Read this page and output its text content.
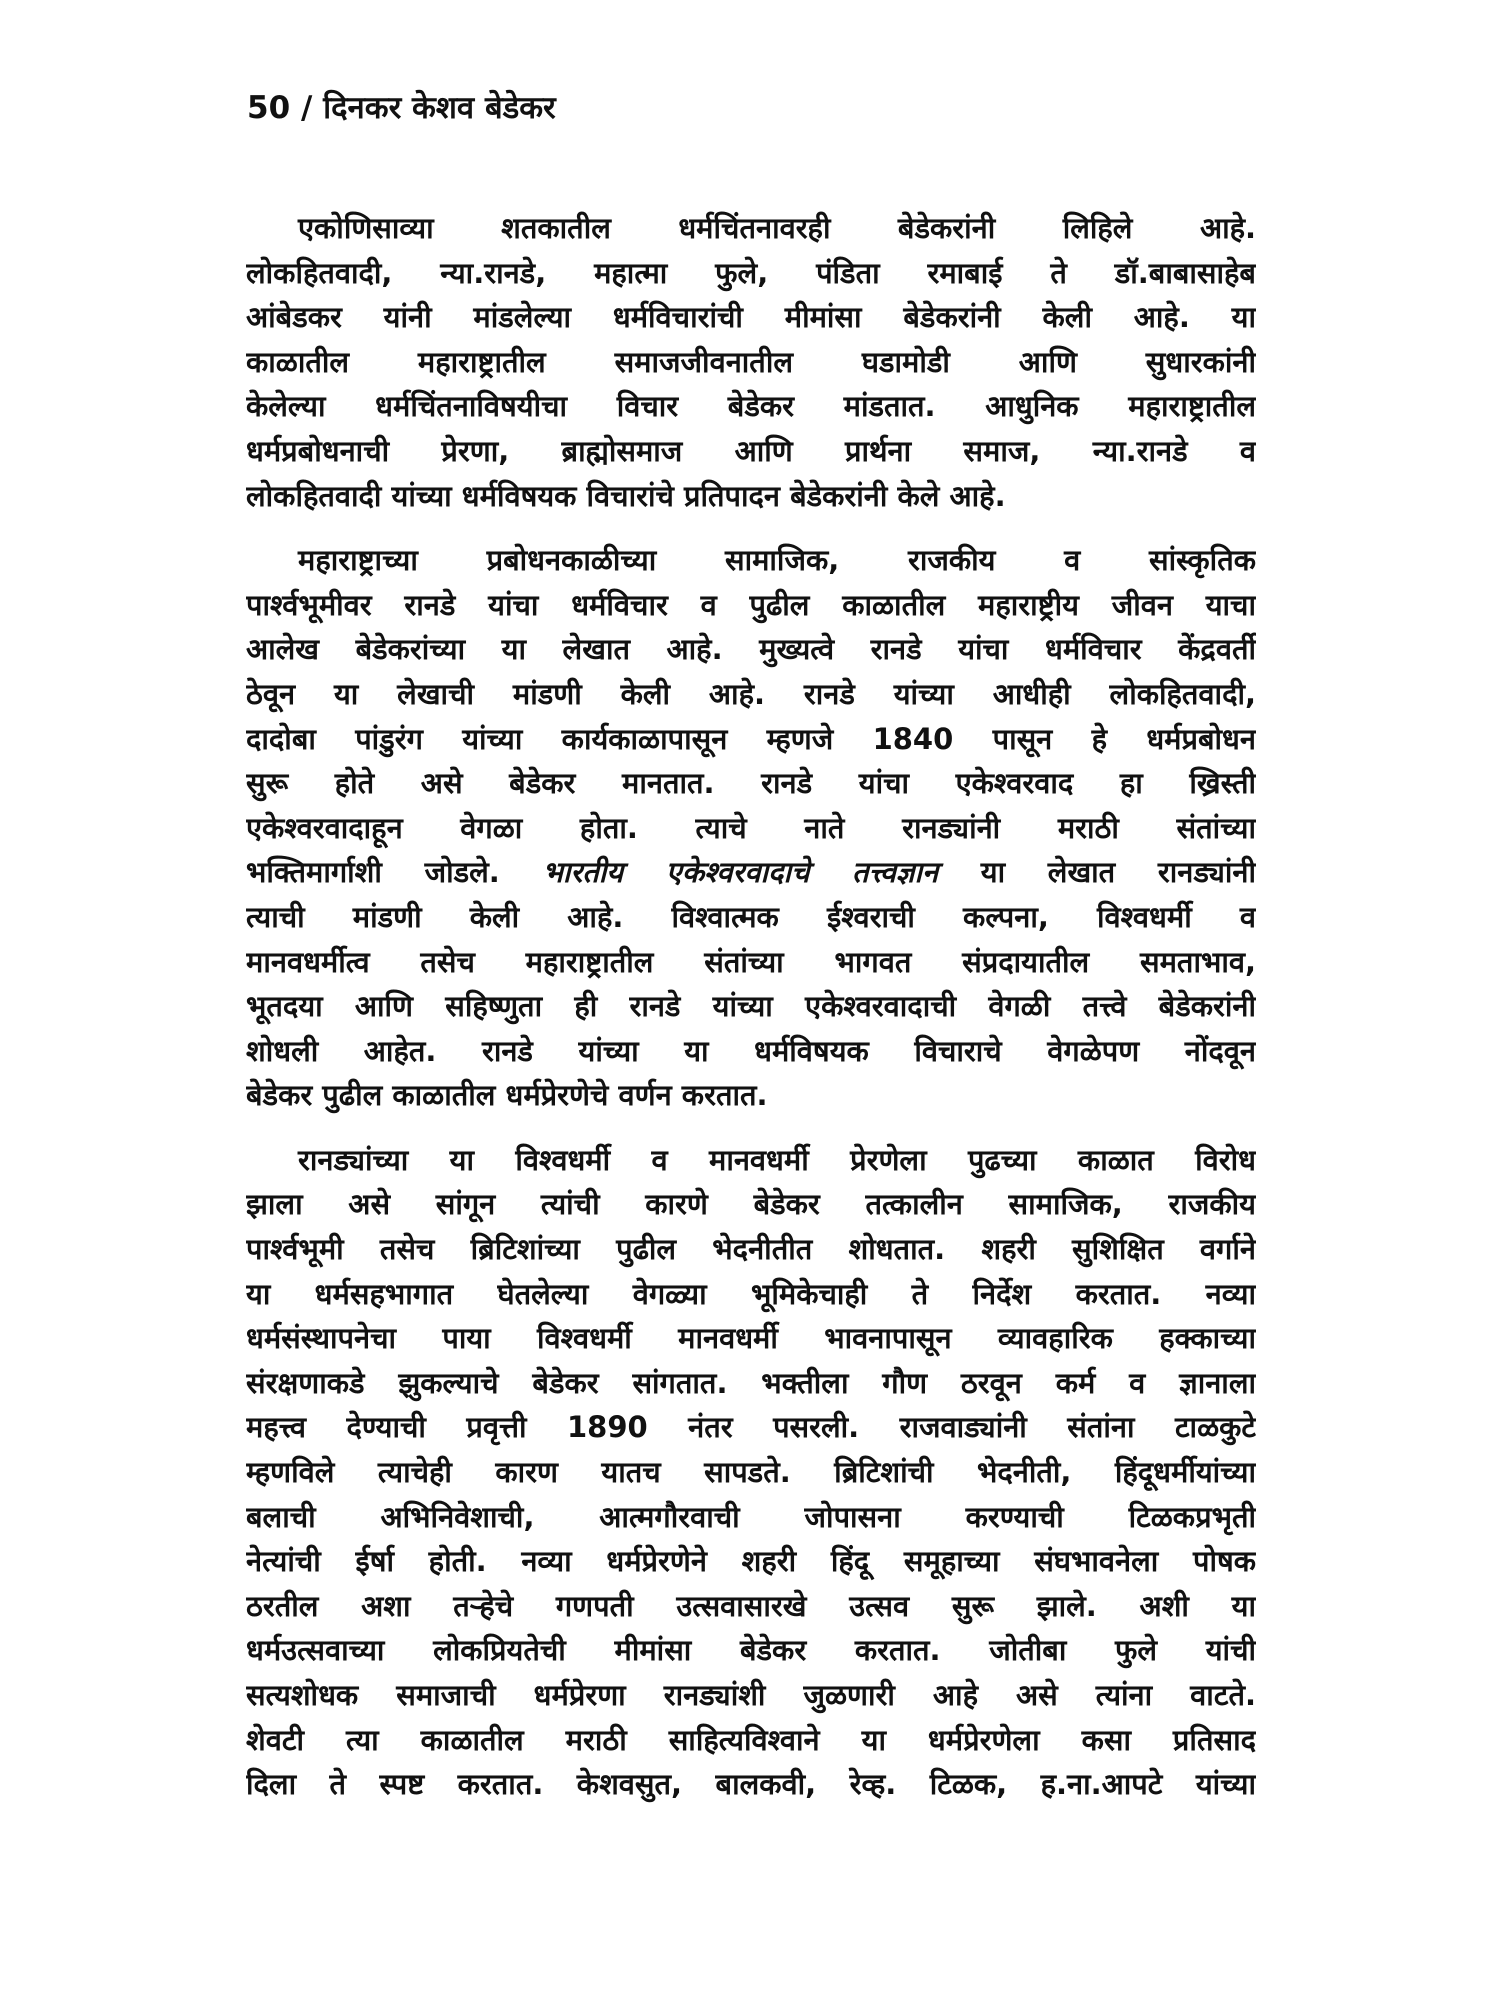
50 / दिनकर केशव बेडेकर
एकोणिसाव्या शतकातील धर्मचिंतनावरही बेडेकरांनी लिहिले आहे.
लोकहितवादी, न्या.रानडे, महात्मा फुले, पंडिता रमाबाई ते डॉ.बाबासाहेब
आंबेडकर यांनी मांडलेल्या धर्मविचारांची मीमांसा बेडेकरांनी केली आहे. या
काळातील महाराष्ट्रातील समाजजीवनातील घडामोडी आणि सुधारकांनी
केलेल्या धर्मचिंतनाविषयीचा विचार बेडेकर मांडतात. आधुनिक महाराष्ट्रातील
धर्मप्रबोधनाची प्रेरणा, ब्राह्मोसमाज आणि प्रार्थना समाज, न्या.रानडे व
लोकहितवादी यांच्या धर्मविषयक विचारांचे प्रतिपादन बेडेकरांनी केले आहे.
महाराष्ट्राच्या प्रबोधनकाळीच्या सामाजिक, राजकीय व सांस्कृतिक
पार्श्वभूमीवर रानडे यांचा धर्मविचार व पुढील काळातील महाराष्ट्रीय जीवन याचा
आलेख बेडेकरांच्या या लेखात आहे. मुख्यत्वे रानडे यांचा धर्मविचार केंद्रवर्ती
ठेवून या लेखाची मांडणी केली आहे. रानडे यांच्या आधीही लोकहितवादी,
दादोबा पांडुरंग यांच्या कार्यकाळापासून म्हणजे 1840 पासून हे धर्मप्रबोधन
सुरू होते असे बेडेकर मानतात. रानडे यांचा एकेश्वरवाद हा ख्रिस्ती
एकेश्वरवादाहून वेगळा होता. त्याचे नाते रानड्यांनी मराठी संतांच्या
भक्तिमार्गाशी जोडले. भारतीय एकेश्वरवादाचे तत्त्वज्ञान या लेखात रानड्यांनी
त्याची मांडणी केली आहे. विश्वात्मक ईश्वराची कल्पना, विश्वधर्मी व
मानवधर्मीत्व तसेच महाराष्ट्रातील संतांच्या भागवत संप्रदायातील समताभाव,
भूतदया आणि सहिष्णुता ही रानडे यांच्या एकेश्वरवादाची वेगळी तत्त्वे बेडेकरांनी
शोधली आहेत. रानडे यांच्या या धर्मविषयक विचाराचे वेगळेपण नोंदवून
बेडेकर पुढील काळातील धर्मप्रेरणेचे वर्णन करतात.
रानड्यांच्या या विश्वधर्मी व मानवधर्मी प्रेरणेला पुढच्या काळात विरोध
झाला असे सांगून त्यांची कारणे बेडेकर तत्कालीन सामाजिक, राजकीय
पार्श्वभूमी तसेच ब्रिटिशांच्या पुढील भेदनीतीत शोधतात. शहरी सुशिक्षित वर्गाने
या धर्मसहभागात घेतलेल्या वेगळ्या भूमिकेचाही ते निर्देश करतात. नव्या
धर्मसंस्थापनेचा पाया विश्वधर्मी मानवधर्मी भावनापासून व्यावहारिक हक्काच्या
संरक्षणाकडे झुकल्याचे बेडेकर सांगतात. भक्तीला गौण ठरवून कर्म व ज्ञानाला
महत्त्व देण्याची प्रवृत्ती 1890 नंतर पसरली. राजवाड्यांनी संतांना टाळकुटे
म्हणविले त्याचेही कारण यातच सापडते. ब्रिटिशांची भेदनीती, हिंदूधर्मीयांच्या
बलाची अभिनिवेशाची, आत्मगौरवाची जोपासना करण्याची टिळकप्रभृती
नेत्यांची ईर्षा होती. नव्या धर्मप्रेरणेने शहरी हिंदू समूहाच्या संघभावनेला पोषक
ठरतील अशा तऱ्हेचे गणपती उत्सवासारखे उत्सव सुरू झाले. अशी या
धर्मउत्सवाच्या लोकप्रियतेची मीमांसा बेडेकर करतात. जोतीबा फुले यांची
सत्यशोधक समाजाची धर्मप्रेरणा रानड्यांशी जुळणारी आहे असे त्यांना वाटते.
शेवटी त्या काळातील मराठी साहित्यविश्वाने या धर्मप्रेरणेला कसा प्रतिसाद
दिला ते स्पष्ट करतात. केशवसुत, बालकवी, रेव्ह. टिळक, ह.ना.आपटे यांच्या
